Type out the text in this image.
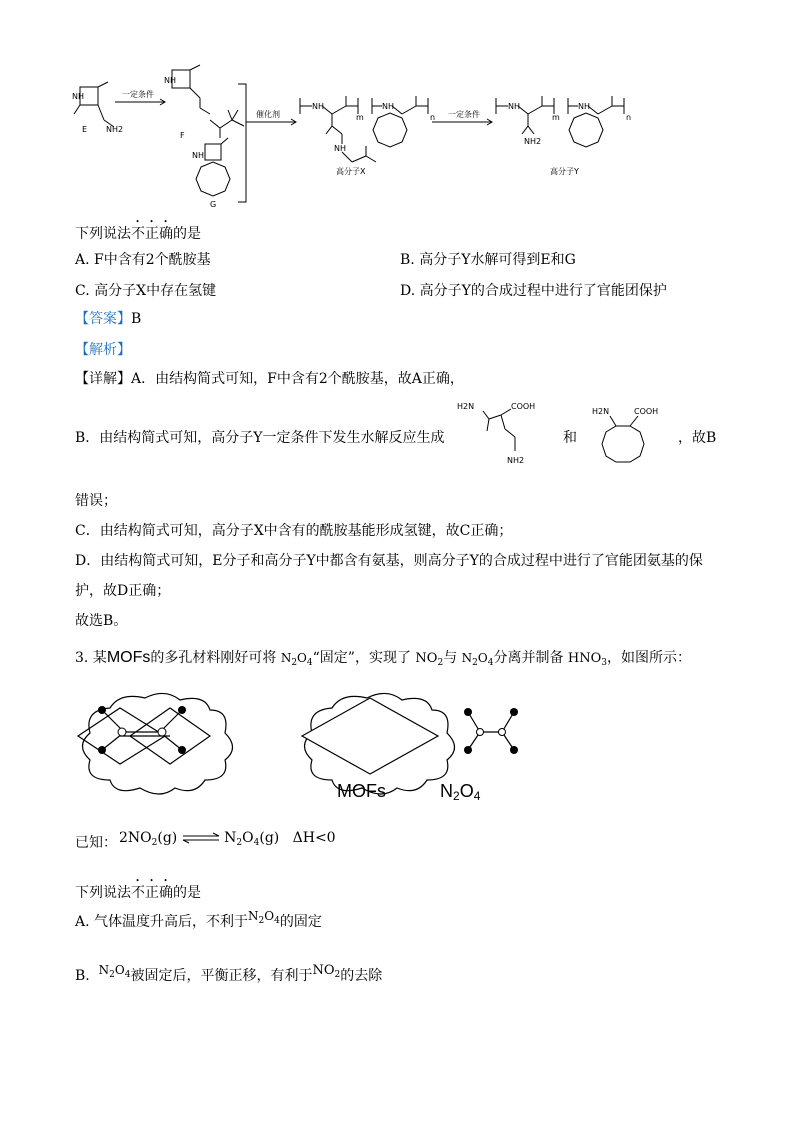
NH
E NH2
一定条件
NH
F
NH
G
催化剂
NH
m
NH
NH
n
高分子X
一定条件
NH
m
NH2
NH
n
高分子Y
下列说法不正确的是
A. F中含有2个酰胺基	B. 高分子Y水解可得到E和G
C. 高分子X中存在氢键	D. 高分子Y的合成过程中进行了官能团保护
【答案】B
【解析】
【详解】A．由结构简式可知，F中含有2个酰胺基，故A正确，
B．由结构简式可知，高分子Y一定条件下发生水解反应生成
H2N	COOH
NH2
和
H2N	COOH
，故B
错误；
C．由结构简式可知，高分子X中含有的酰胺基能形成氢键，故C正确；
D．由结构简式可知，E分子和高分子Y中都含有氨基，则高分子Y的合成过程中进行了官能团氨基的保
护，故D正确；
故选B。
3. 某MOFs的多孔材料刚好可将 $N_2O_4“$固定”，实现了 $NO_2$与 $N_2O_4$分离并制备 $HNO_3$，如图所示：
MOFs	$N_2O_4$
已知： $2NO_2(g)$ ⇌ $N_2O_4(g)$ ΔH<0
下列说法不正确的是
A. 气体温度升高后，不利于$N_2O_4$的固定
B. $N_2O_4$被固定后，平衡正移，有利于$NO_2$的去除
